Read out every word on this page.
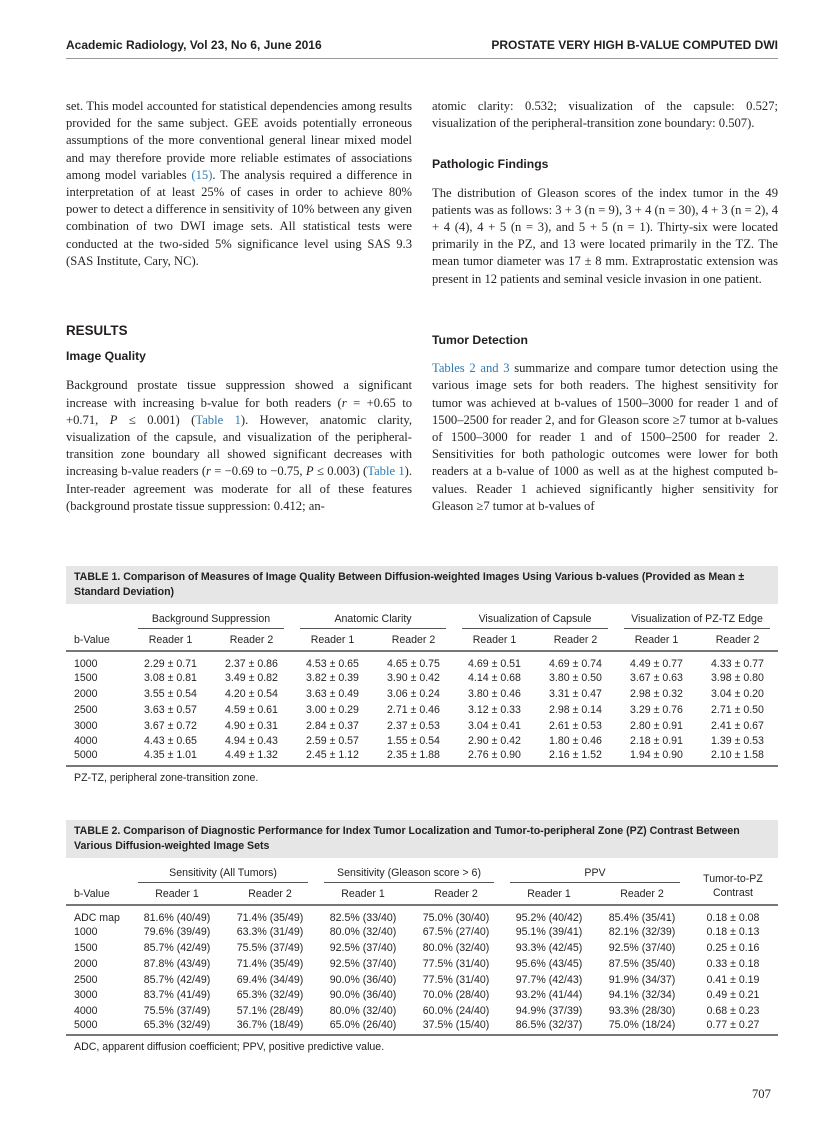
Academic Radiology, Vol 23, No 6, June 2016	PROSTATE VERY HIGH B-VALUE COMPUTED DWI

set. This model accounted for statistical dependencies among results provided for the same subject. GEE avoids potentially erroneous assumptions of the more conventional general linear mixed model and may therefore provide more reliable estimates of associations among model variables (15). The analysis required a difference in interpretation of at least 25% of cases in order to achieve 80% power to detect a difference in sensitivity of 10% between any given combination of two DWI image sets. All statistical tests were conducted at the two-sided 5% significance level using SAS 9.3 (SAS Institute, Cary, NC).

RESULTS
Image Quality

Background prostate tissue suppression showed a significant increase with increasing b-value for both readers (r = +0.65 to +0.71, P ≤ 0.001) (Table 1). However, anatomic clarity, visualization of the capsule, and visualization of the peripheral-transition zone boundary all showed significant decreases with increasing b-value readers (r = −0.69 to −0.75, P ≤ 0.003) (Table 1). Inter-reader agreement was moderate for all of these features (background prostate tissue suppression: 0.412; an-

atomic clarity: 0.532; visualization of the capsule: 0.527; visualization of the peripheral-transition zone boundary: 0.507).

Pathologic Findings

The distribution of Gleason scores of the index tumor in the 49 patients was as follows: 3 + 3 (n = 9), 3 + 4 (n = 30), 4 + 3 (n = 2), 4 + 4 (4), 4 + 5 (n = 3), and 5 + 5 (n = 1). Thirty-six were located primarily in the PZ, and 13 were located primarily in the TZ. The mean tumor diameter was 17 ± 8 mm. Extraprostatic extension was present in 12 patients and seminal vesicle invasion in one patient.

Tumor Detection

Tables 2 and 3 summarize and compare tumor detection using the various image sets for both readers. The highest sensitivity for tumor was achieved at b-values of 1500–3000 for reader 1 and of 1500–2500 for reader 2, and for Gleason score ≥7 tumor at b-values of 1500–3000 for reader 1 and of 1500–2500 for reader 2. Sensitivities for both pathologic outcomes were lower for both readers at a b-value of 1000 as well as at the highest computed b-values. Reader 1 achieved significantly higher sensitivity for Gleason ≥7 tumor at b-values of

TABLE 1. Comparison of Measures of Image Quality Between Diffusion-weighted Images Using Various b-values (Provided as Mean ± Standard Deviation)

	Background Suppression		Anatomic Clarity		Visualization of Capsule		Visualization of PZ-TZ Edge	

b-Value	Reader 1	Reader 2	Reader 1	Reader 2	Reader 1	Reader 2	Reader 1	Reader 2
1000	2.29 ± 0.71	2.37 ± 0.86	4.53 ± 0.65	4.65 ± 0.75	4.69 ± 0.51	4.69 ± 0.74	4.49 ± 0.77	4.33 ± 0.77
1500	3.08 ± 0.81	3.49 ± 0.82	3.82 ± 0.39	3.90 ± 0.42	4.14 ± 0.68	3.80 ± 0.50	3.67 ± 0.63	3.98 ± 0.80
2000	3.55 ± 0.54	4.20 ± 0.54	3.63 ± 0.49	3.06 ± 0.24	3.80 ± 0.46	3.31 ± 0.47	2.98 ± 0.32	3.04 ± 0.20
2500	3.63 ± 0.57	4.59 ± 0.61	3.00 ± 0.29	2.71 ± 0.46	3.12 ± 0.33	2.98 ± 0.14	3.29 ± 0.76	2.71 ± 0.50
3000	3.67 ± 0.72	4.90 ± 0.31	2.84 ± 0.37	2.37 ± 0.53	3.04 ± 0.41	2.61 ± 0.53	2.80 ± 0.91	2.41 ± 0.67
4000	4.43 ± 0.65	4.94 ± 0.43	2.59 ± 0.57	1.55 ± 0.54	2.90 ± 0.42	1.80 ± 0.46	2.18 ± 0.91	1.39 ± 0.53
5000	4.35 ± 1.01	4.49 ± 1.32	2.45 ± 1.12	2.35 ± 1.88	2.76 ± 0.90	2.16 ± 1.52	1.94 ± 0.90	2.10 ± 1.58
PZ-TZ, peripheral zone-transition zone.
TABLE 2. Comparison of Diagnostic Performance for Index Tumor Localization and Tumor-to-peripheral Zone (PZ) Contrast Between Various Diffusion-weighted Image Sets

	Sensitivity (All Tumors)		Sensitivity (Gleason score > 6)		PPV		Tumor-to-PZ
Contrast
b-Value	Reader 1	Reader 2	Reader 1	Reader 2	Reader 1	Reader 2	
ADC map	81.6% (40/49)	71.4% (35/49)	82.5% (33/40)	75.0% (30/40)	95.2% (40/42)	85.4% (35/41)	0.18 ± 0.08
1000	79.6% (39/49)	63.3% (31/49)	80.0% (32/40)	67.5% (27/40)	95.1% (39/41)	82.1% (32/39)	0.18 ± 0.13
1500	85.7% (42/49)	75.5% (37/49)	92.5% (37/40)	80.0% (32/40)	93.3% (42/45)	92.5% (37/40)	0.25 ± 0.16
2000	87.8% (43/49)	71.4% (35/49)	92.5% (37/40)	77.5% (31/40)	95.6% (43/45)	87.5% (35/40)	0.33 ± 0.18
2500	85.7% (42/49)	69.4% (34/49)	90.0% (36/40)	77.5% (31/40)	97.7% (42/43)	91.9% (34/37)	0.41 ± 0.19
3000	83.7% (41/49)	65.3% (32/49)	90.0% (36/40)	70.0% (28/40)	93.2% (41/44)	94.1% (32/34)	0.49 ± 0.21
4000	75.5% (37/49)	57.1% (28/49)	80.0% (32/40)	60.0% (24/40)	94.9% (37/39)	93.3% (28/30)	0.68 ± 0.23
5000	65.3% (32/49)	36.7% (18/49)	65.0% (26/40)	37.5% (15/40)	86.5% (32/37)	75.0% (18/24)	0.77 ± 0.27
ADC, apparent diffusion coefficient; PPV, positive predictive value.
707
